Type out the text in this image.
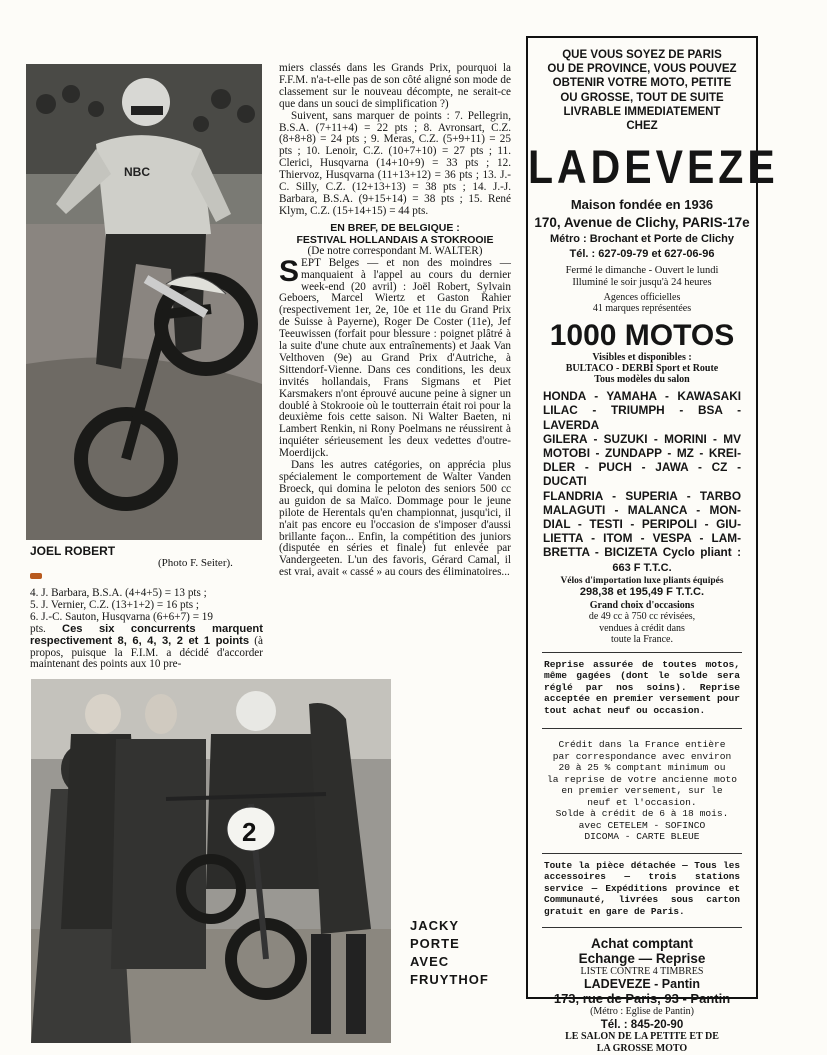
NBC
JOEL ROBERT
(Photo F. Seiter).

4. J. Barbara, B.S.A. (4+4+5) = 13 pts ;

5. J. Vernier, C.Z. (13+1+2) = 16 pts ;

6. J.-C. Sauton, Husqvarna (6+6+7) = 19

pts. Ces six concurrents marquent respectivement 8, 6, 4, 3, 2 et 1 points (à propos, puisque la F.I.M. a décidé d'accorder maintenant des points aux 10 pre-

miers classés dans les Grands Prix, pourquoi la F.F.M. n'a-t-elle pas de son côté aligné son mode de classement sur le nouveau décompte, ne serait-ce que dans un souci de simplification ?)

Suivent, sans marquer de points : 7. Pellegrin, B.S.A. (7+11+4) = 22 pts ; 8. Avronsart, C.Z. (8+8+8) = 24 pts ; 9. Meras, C.Z. (5+9+11) = 25 pts ; 10. Lenoir, C.Z. (10+7+10) = 27 pts ; 11. Clerici, Husqvarna (14+10+9) = 33 pts ; 12. Thiervoz, Husqvarna (11+13+12) = 36 pts ; 13. J.-C. Silly, C.Z. (12+13+13) = 38 pts ; 14. J.-J. Barbara, B.S.A. (9+15+14) = 38 pts ; 15. René Klym, C.Z. (15+14+15) = 44 pts.

EN BREF, DE BELGIQUE :
FESTIVAL HOLLANDAIS A STOKROOIE
(De notre correspondant M. WALTER)

SEPT Belges — et non des moindres — manquaient à l'appel au cours du dernier week-end (20 avril) : Joël Robert, Sylvain Geboers, Marcel Wiertz et Gaston Rahier (respectivement 1er, 2e, 10e et 11e du Grand Prix de Suisse à Payerne), Roger De Coster (11e), Jef Teeuwissen (forfait pour blessure : poignet plâtré à la suite d'une chute aux entraînements) et Jaak Van Velthoven (9e) au Grand Prix d'Autriche, à Sittendorf-Vienne. Dans ces conditions, les deux invités hollandais, Frans Sigmans et Piet Karsmakers n'ont éprouvé aucune peine à signer un doublé à Stokrooie où le toutterrain était roi pour la deuxième fois cette saison. Ni Walter Baeten, ni Lambert Renkin, ni Rony Poelmans ne réussirent à inquiéter sérieusement les deux vedettes d'outre-Moerdijck.

Dans les autres catégories, on apprécia plus spécialement le comportement de Walter Vanden Broeck, qui domina le peloton des seniors 500 cc au guidon de sa Maïco. Dommage pour le jeune pilote de Herentals qu'en championnat, jusqu'ici, il n'ait pas encore eu l'occasion de s'imposer d'aussi brillante façon... Enfin, la compétition des juniors (disputée en séries et finale) fut enlevée par Vandergeeten. L'un des favoris, Gérard Camal, il est vrai, avait « cassé » au cours des éliminatoires...

2
JACKY
PORTE
AVEC
FRUYTHOF
QUE VOUS SOYEZ DE PARIS
OU DE PROVINCE, VOUS POUVEZ
OBTENIR VOTRE MOTO, PETITE
OU GROSSE, TOUT DE SUITE
LIVRABLE IMMEDIATEMENT
CHEZ
LADEVEZE
Maison fondée en 1936
170, Avenue de Clichy, PARIS-17e
Métro : Brochant et Porte de Clichy
Tél. : 627-09-79 et 627-06-96
Fermé le dimanche - Ouvert le lundi
Illuminé le soir jusqu'à 24 heures
Agences officielles
41 marques représentées
1000 MOTOS
Visibles et disponibles :
BULTACO - DERBI Sport et Route
Tous modèles du salon
HONDA - YAMAHA - KAWASAKI
LILAC - TRIUMPH - BSA - LAVERDA
GILERA - SUZUKI - MORINI - MV
MOTOBI - ZUNDAPP - MZ - KREI-
DLER - PUCH - JAWA - CZ - DUCATI
FLANDRIA - SUPERIA - TARBO
MALAGUTI - MALANCA - MON-
DIAL - TESTI - PERIPOLI - GIU-
LIETTA - ITOM - VESPA - LAM-
BRETTA - BICIZETA Cyclo pliant :
663 F T.T.C.
Vélos d'importation luxe pliants équipés
298,38 et 195,49 F T.T.C.
Grand choix d'occasions
de 49 cc à 750 cc révisées,
vendues à crédit dans
toute la France.
Reprise assurée de toutes motos, même gagées (dont le solde sera réglé par nos soins). Reprise acceptée en premier versement pour tout achat neuf ou occasion.
Crédit dans la France entière
par correspondance avec environ
20 à 25 % comptant minimum ou
la reprise de votre ancienne moto
en premier versement, sur le
neuf et l'occasion.
Solde à crédit de 6 à 18 mois.
avec CETELEM - SOFINCO
DICOMA - CARTE BLEUE
Toute la pièce détachée — Tous les accessoires — trois stations service — Expéditions province et Communauté, livrées sous carton gratuit en gare de Paris.
Achat comptant
Echange — Reprise
LISTE CONTRE 4 TIMBRES
LADEVEZE - Pantin
173, rue de Paris, 93 - Pantin
(Métro : Eglise de Pantin)
Tél. : 845-20-90
LE SALON DE LA PETITE ET DE
LA GROSSE MOTO
